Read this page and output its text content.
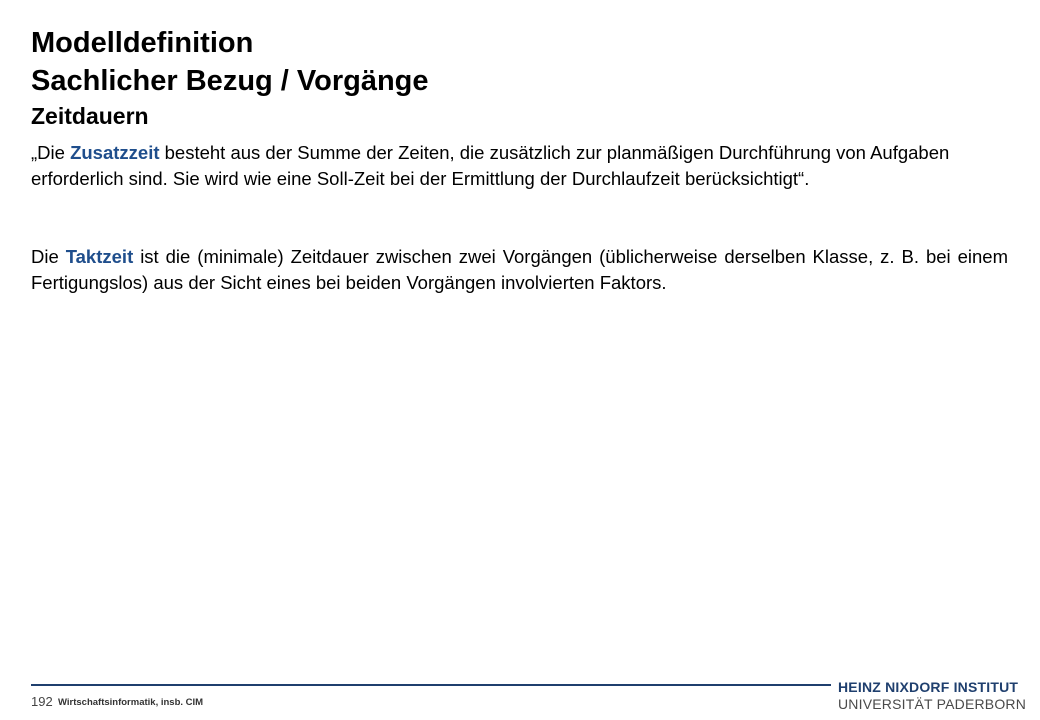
Modelldefinition
Sachlicher Bezug / Vorgänge
Zeitdauern
„Die Zusatzzeit besteht aus der Summe der Zeiten, die zusätzlich zur planmäßigen Durchführung von Aufgaben erforderlich sind. Sie wird wie eine Soll-Zeit bei der Ermittlung der Durchlaufzeit berücksichtigt“.
Die Taktzeit ist die (minimale) Zeitdauer zwischen zwei Vorgängen (üblicherweise derselben Klasse, z. B. bei einem Fertigungslos) aus der Sicht eines bei beiden Vorgängen involvierten Faktors.
192 Wirtschaftsinformatik, insb. CIM
HEINZ NIXDORF INSTITUT
UNIVERSITÄT PADERBORN
